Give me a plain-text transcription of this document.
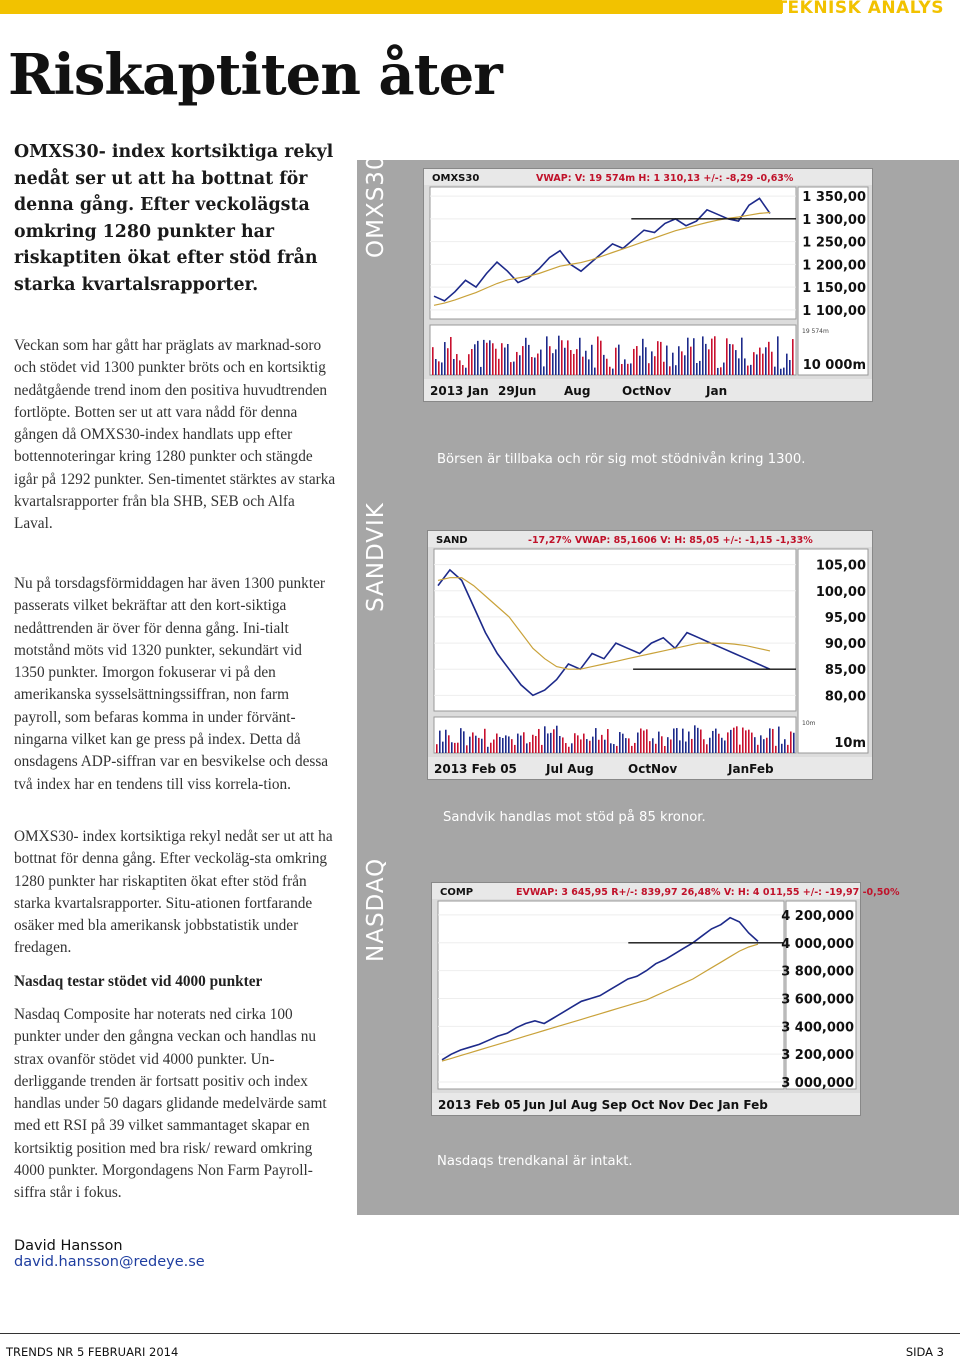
TEKNISK ANALYS
Riskaptiten åter

OMXS30- index kortsiktiga rekyl nedåt ser ut att ha bottnat för denna gång. Efter veckolägsta omkring 1280 punkter har riskaptiten ökat efter stöd från starka kvartalsrapporter.

Veckan som har gått har präglats av marknad-soro och stödet vid 1300 punkter bröts och en kortsiktig nedåtgående trend inom den positiva huvudtrenden fortlöpte. Botten ser ut att vara nådd för denna gången då OMXS30-index handlats upp efter bottennoteringar kring 1280 punkter och stängde igår på 1292 punkter. Sen-timentet stärktes av starka kvartalsrapporter från bla SHB, SEB och Alfa Laval.

Nu på torsdagsförmiddagen har även 1300 punkter passerats vilket bekräftar att den kort-siktiga nedåttrenden är över för denna gång. Ini-tialt motstånd möts vid 1320 punkter, sekundärt vid 1350 punkter. Imorgon fokuserar vi på den amerikanska sysselsättningssiffran, non farm payroll, som befaras komma in under förvänt-ningarna vilket kan ge press på index. Detta då onsdagens ADP-siffran var en besvikelse och dessa två index har en tendens till viss korrela-tion.

OMXS30- index kortsiktiga rekyl nedåt ser ut att ha bottnat för denna gång. Efter veckoläg-sta omkring 1280 punkter har riskaptiten ökat efter stöd från starka kvartalsrapporter. Situ-ationen fortfarande osäker med bla amerikansk jobbstatistik under fredagen.

Nasdaq testar stödet vid 4000 punkter

Nasdaq Composite har noterats ned cirka 100 punkter under den gångna veckan och handlas nu strax ovanför stödet vid 4000 punkter. Un-derliggande trenden är fortsatt positiv och index handlas under 50 dagars glidande medelvärde samt med ett RSI på 39 vilket sammantaget skapar en kortsiktig position med bra risk/ reward omkring 4000 punkter. Morgondagens Non Farm Payroll-siffra står i fokus.

OMXS30	OMXS30	VWAP: V: 19 574m H: 1 310,13 +/-: -8,29 -0,63%
1 350,00
1 300,00
1 250,00
1 200,00
1 150,00
1 100,00
10 000m
19 574m
2013 Jan 29Jun Aug	OctNov	Jan
Börsen är tillbaka och rör sig mot stödnivån kring 1300.
SANDVIK	SAND	-17,27% VWAP: 85,1606 V: H: 85,05 +/-: -1,15 -1,33%
105,00
100,00
95,00
90,00
85,00
80,00
10m
10m
2013 Feb 05 Jul Aug	OctNov	JanFeb
Sandvik handlas mot stöd på 85 kronor.
NASDAQ	COMP	EVWAP: 3 645,95 R+/-: 839,97 26,48% V: H: 4 011,55 +/-: -19,97 -0,50%
4 200,000
4 000,000
3 800,000
3 600,000
3 400,000
3 200,000
3 000,000
2013 Feb 05 Jun Jul Aug Sep Oct Nov Dec Jan Feb
Nasdaqs trendkanal är intakt.
David Hansson
david.hansson@redeye.se
TRENDS NR 5 FEBRUARI 2014	SIDA 3
